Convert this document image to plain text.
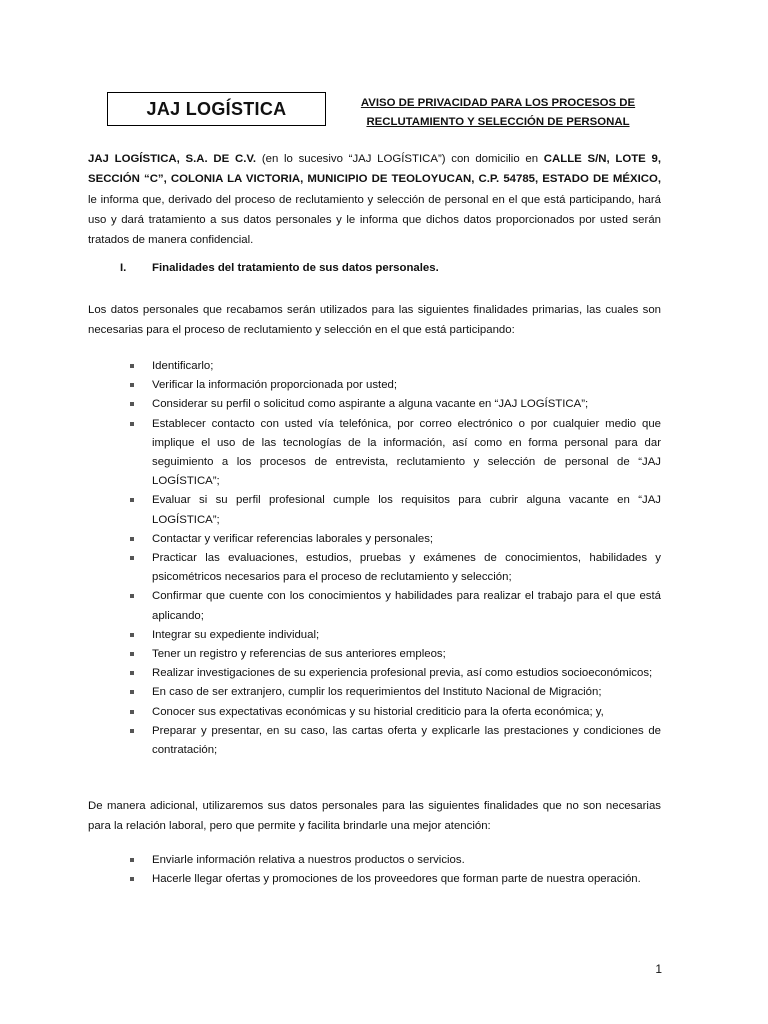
JAJ LOGÍSTICA	AVISO DE PRIVACIDAD PARA LOS PROCESOS DE
RECLUTAMIENTO Y SELECCIÓN DE PERSONAL
JAJ LOGÍSTICA, S.A. DE C.V. (en lo sucesivo “JAJ LOGÍSTICA”) con domicilio en CALLE S/N, LOTE 9, SECCIÓN “C”, COLONIA LA VICTORIA, MUNICIPIO DE TEOLOYUCAN, C.P. 54785, ESTADO DE MÉXICO, le informa que, derivado del proceso de reclutamiento y selección de personal en el que está participando, hará uso y dará tratamiento a sus datos personales y le informa que dichos datos proporcionados por usted serán tratados de manera confidencial.
I. Finalidades del tratamiento de sus datos personales.
Los datos personales que recabamos serán utilizados para las siguientes finalidades primarias, las cuales son necesarias para el proceso de reclutamiento y selección en el que está participando:
Identificarlo;
Verificar la información proporcionada por usted;
Considerar su perfil o solicitud como aspirante a alguna vacante en “JAJ LOGÍSTICA”;
Establecer contacto con usted vía telefónica, por correo electrónico o por cualquier medio que implique el uso de las tecnologías de la información, así como en forma personal para dar seguimiento a los procesos de entrevista, reclutamiento y selección de personal de “JAJ LOGÍSTICA”;
Evaluar si su perfil profesional cumple los requisitos para cubrir alguna vacante en “JAJ LOGÍSTICA”;
Contactar y verificar referencias laborales y personales;
Practicar las evaluaciones, estudios, pruebas y exámenes de conocimientos, habilidades y psicométricos necesarios para el proceso de reclutamiento y selección;
Confirmar que cuente con los conocimientos y habilidades para realizar el trabajo para el que está aplicando;
Integrar su expediente individual;
Tener un registro y referencias de sus anteriores empleos;
Realizar investigaciones de su experiencia profesional previa, así como estudios socioeconómicos;
En caso de ser extranjero, cumplir los requerimientos del Instituto Nacional de Migración;
Conocer sus expectativas económicas y su historial crediticio para la oferta económica; y,
Preparar y presentar, en su caso, las cartas oferta y explicarle las prestaciones y condiciones de contratación;
De manera adicional, utilizaremos sus datos personales para las siguientes finalidades que no son necesarias para la relación laboral, pero que permite y facilita brindarle una mejor atención:
Enviarle información relativa a nuestros productos o servicios.
Hacerle llegar ofertas y promociones de los proveedores que forman parte de nuestra operación.
1
